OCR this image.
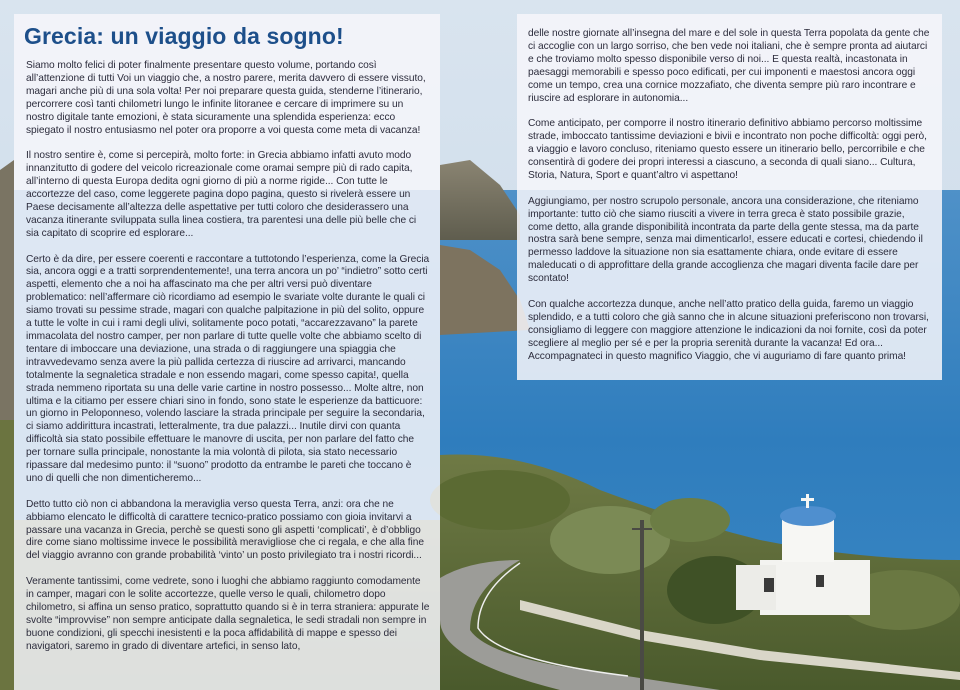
Grecia: un viaggio da sogno!

Siamo molto felici di poter finalmente presentare questo volume, portando così all’attenzione di tutti Voi un viaggio che, a nostro parere, merita davvero di essere vissuto, magari anche più di una sola volta! Per noi preparare questa guida, stenderne l’itinerario, percorrere così tanti chilometri lungo le infinite litoranee e cercare di imprimere su un nostro digitale tante emozioni, è stata sicuramente una splendida esperienza: ecco spiegato il nostro entusiasmo nel poter ora proporre a voi questa come meta di vacanza!

Il nostro sentire è, come si percepirà, molto forte: in Grecia abbiamo infatti avuto modo innanzitutto di godere del veicolo ricreazionale come oramai sempre più di rado capita, all’interno di questa Europa dedita ogni giorno di più a norme rigide... Con tutte le accortezze del caso, come leggerete pagina dopo pagina, questo si rivelerà essere un Paese decisamente all’altezza delle aspettative per tutti coloro che desiderassero una vacanza itinerante sviluppata sulla linea costiera, tra parentesi una delle più belle che ci sia capitato di scoprire ed esplorare...

Certo è da dire, per essere coerenti e raccontare a tuttotondo l’esperienza, come la Grecia sia, ancora oggi e a tratti sorprendentemente!, una terra ancora un po’ “indietro” sotto certi aspetti, elemento che a noi ha affascinato ma che per altri versi può diventare problematico: nell’affermare ciò ricordiamo ad esempio le svariate volte durante le quali ci siamo trovati su pessime strade, magari con qualche palpitazione in più del solito, oppure a tutte le volte in cui i rami degli ulivi, solitamente poco potati, “accarezzavano” la parete immacolata del nostro camper, per non parlare di tutte quelle volte che abbiamo scelto di tentare di imboccare una deviazione, una strada o di raggiungere una spiaggia che intravvedevamo senza avere la più pallida certezza di riuscire ad arrivarci, mancando totalmente la segnaletica stradale e non essendo magari, come spesso capita!, quella strada nemmeno riportata su una delle varie cartine in nostro possesso... Molte altre, non ultima e la citiamo per essere chiari sino in fondo, sono state le esperienze da batticuore: un giorno in Peloponneso, volendo lasciare la strada principale per seguire la secondaria, ci siamo addirittura incastrati, letteralmente, tra due palazzi... Inutile dirvi con quanta difficoltà sia stato possibile effettuare le manovre di uscita, per non parlare del fatto che per tornare sulla principale, nonostante la mia volontà di pilota, sia stato necessario ripassare dal medesimo punto: il “suono” prodotto da entrambe le pareti che toccano è uno di quelli che non dimenticheremo...

Detto tutto ciò non ci abbandona la meraviglia verso questa Terra, anzi: ora che ne abbiamo elencato le difficoltà di carattere tecnico-pratico possiamo con gioia invitarvi a passare una vacanza in Grecia, perchè se questi sono gli aspetti ‘complicati’, è d’obbligo dire come siano moltissime invece le possibilità meravigliose che ci regala, e che alla fine del viaggio avranno con grande probabilità ‘vinto’ un posto privilegiato tra i nostri ricordi...

Veramente tantissimi, come vedrete, sono i luoghi che abbiamo raggiunto comodamente in camper, magari con le solite accortezze, quelle verso le quali, chilometro dopo chilometro, si affina un senso pratico, soprattutto quando si è in terra straniera: appurate le svolte “improvvise” non sempre anticipate dalla segnaletica, le sedi stradali non sempre in buone condizioni, gli specchi inesistenti e la poca affidabilità di mappe e spesso dei navigatori, saremo in grado di diventare artefici, in senso lato,

delle nostre giornate all’insegna del mare e del sole in questa Terra popolata da gente che ci accoglie con un largo sorriso, che ben vede noi italiani, che è sempre pronta ad aiutarci e che troviamo molto spesso disponibile verso di noi... E questa realtà, incastonata in paesaggi memorabili e spesso poco edificati, per cui imponenti e maestosi ancora oggi come un tempo, crea una cornice mozzafiato, che diventa sempre più raro incontrare e riuscire ad esplorare in autonomia...

Come anticipato, per comporre il nostro itinerario definitivo abbiamo percorso moltissime strade, imboccato tantissime deviazioni e bivii e incontrato non poche difficoltà: oggi però, a viaggio e lavoro concluso, riteniamo questo essere un itinerario bello, percorribile e che consentirà di godere dei propri interessi a ciascuno, a seconda di quali siano... Cultura, Storia, Natura, Sport e quant’altro vi aspettano!

Aggiungiamo, per nostro scrupolo personale, ancora una considerazione, che riteniamo importante: tutto ciò che siamo riusciti a vivere in terra greca è stato possibile grazie, come detto, alla grande disponibilità incontrata da parte della gente stessa, ma da parte nostra sarà bene sempre, senza mai dimenticarlo!, essere educati e cortesi, chiedendo il permesso laddove la situazione non sia esattamente chiara, onde evitare di essere maleducati o di approfittare della grande accoglienza che magari diventa facile dare per scontato!

Con qualche accortezza dunque, anche nell’atto pratico della guida, faremo un viaggio splendido, e a tutti coloro che già sanno che in alcune situazioni preferiscono non trovarsi, consigliamo di leggere con maggiore attenzione le indicazioni da noi fornite, così da poter scegliere al meglio per sé e per la propria serenità durante la vacanza! Ed ora...
Accompagnateci in questo magnifico Viaggio, che vi auguriamo di fare quanto prima!
